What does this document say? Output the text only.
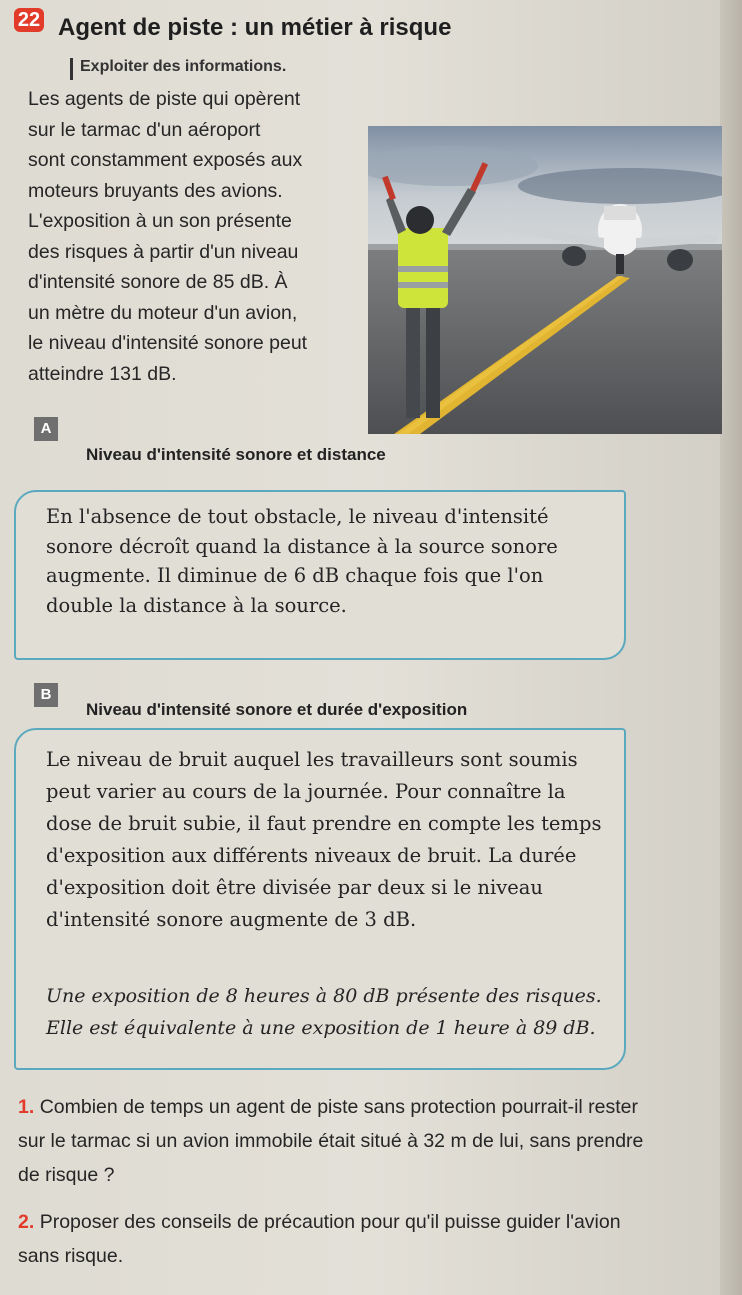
22 Agent de piste : un métier à risque
Exploiter des informations.
Les agents de piste qui opèrent
sur le tarmac d'un aéroport
sont constamment exposés aux
moteurs bruyants des avions.
L'exposition à un son présente
des risques à partir d'un niveau
d'intensité sonore de 85 dB. À
un mètre du moteur d'un avion,
le niveau d'intensité sonore peut
atteindre 131 dB.
A
Niveau d'intensité sonore et distance

En l'absence de tout obstacle, le niveau d'intensité sonore décroît quand la distance à la source sonore augmente. Il diminue de 6 dB chaque fois que l'on double la distance à la source.

B
Niveau d'intensité sonore et durée d'exposition

Le niveau de bruit auquel les travailleurs sont soumis peut varier au cours de la journée. Pour connaître la dose de bruit subie, il faut prendre en compte les temps d'exposition aux différents niveaux de bruit. La durée d'exposition doit être divisée par deux si le niveau d'intensité sonore augmente de 3 dB.

Une exposition de 8 heures à 80 dB présente des risques. Elle est équivalente à une exposition de 1 heure à 89 dB.

1. Combien de temps un agent de piste sans protection pourrait-il rester sur le tarmac si un avion immobile était situé à 32 m de lui, sans prendre de risque ?
2. Proposer des conseils de précaution pour qu'il puisse guider l'avion sans risque.
